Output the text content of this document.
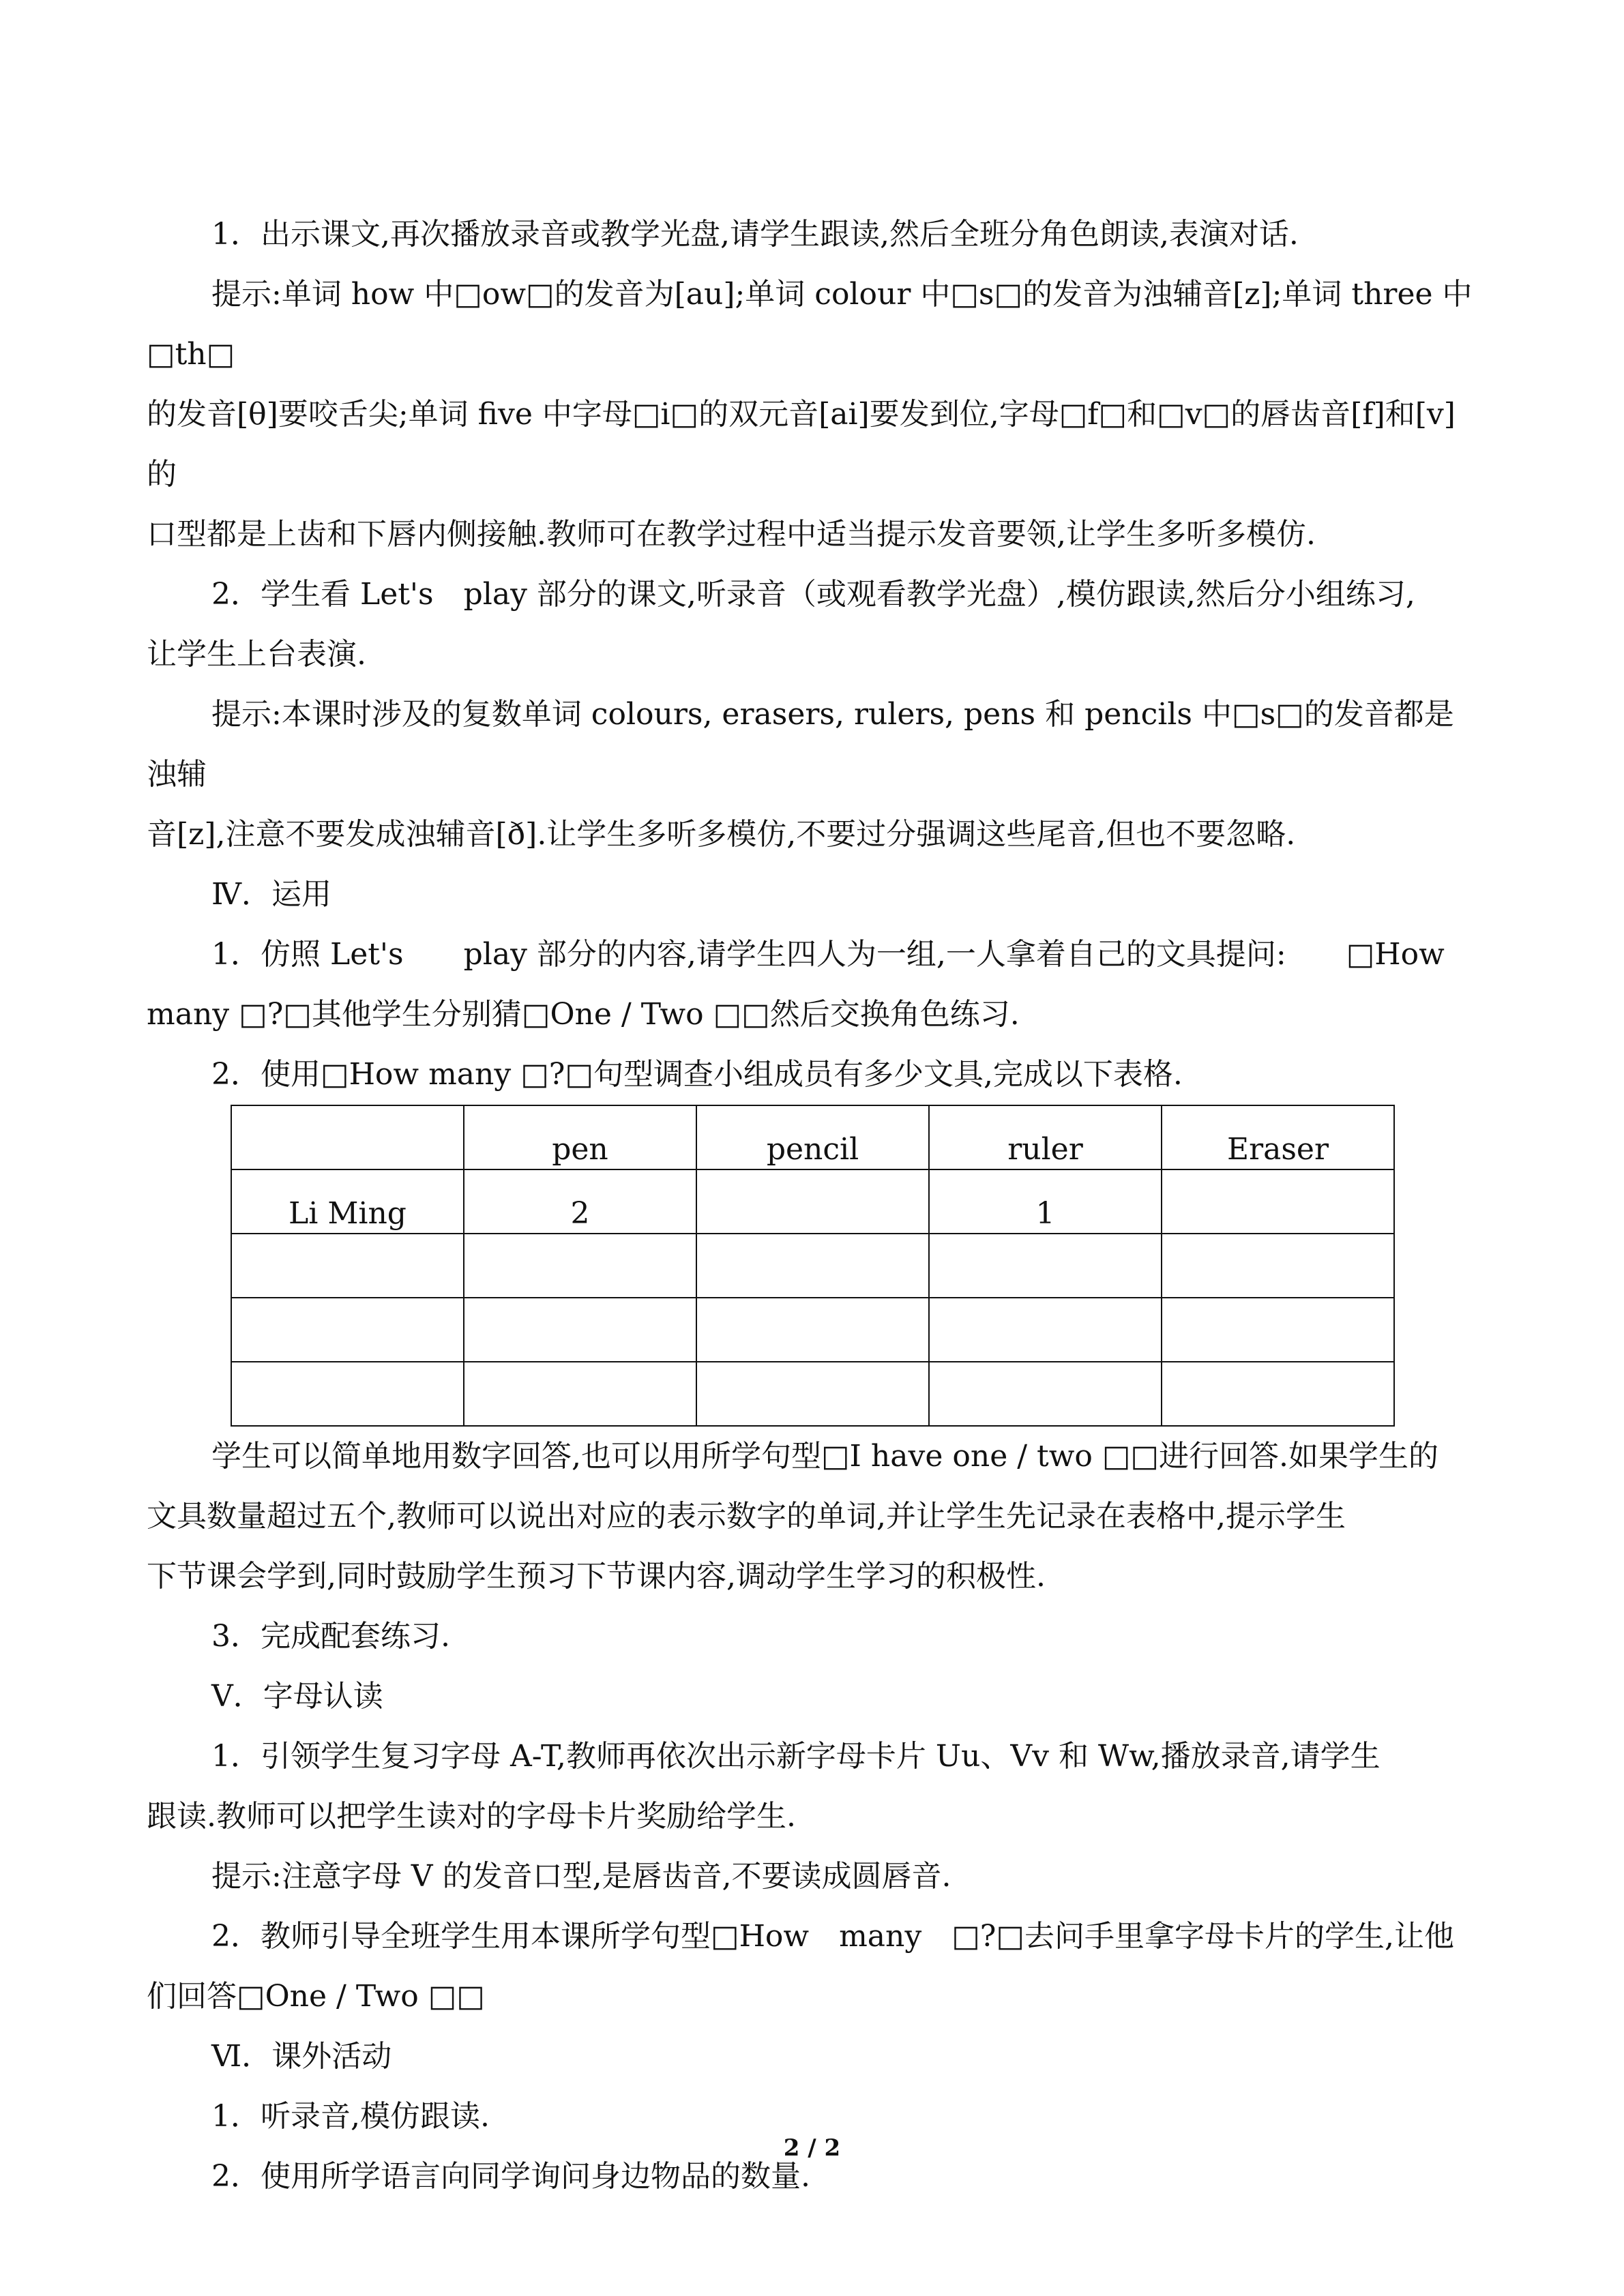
1．出示课文,再次播放录音或教学光盘,请学生跟读,然后全班分角色朗读,表演对话.

提示:单词 how 中□ow□的发音为[au];单词 colour 中□s□的发音为浊辅音[z];单词 three 中□th□
的发音[θ]要咬舌尖;单词 five 中字母□i□的双元音[ai]要发到位,字母□f□和□v□的唇齿音[f]和[v]的
口型都是上齿和下唇内侧接触.教师可在教学过程中适当提示发音要领,让学生多听多模仿.

2．学生看 Let's　play 部分的课文,听录音（或观看教学光盘）,模仿跟读,然后分小组练习,
让学生上台表演.

提示:本课时涉及的复数单词 colours, erasers, rulers, pens 和 pencils 中□s□的发音都是浊辅
音[z],注意不要发成浊辅音[ð].让学生多听多模仿,不要过分强调这些尾音,但也不要忽略.

Ⅳ．运用

1．仿照 Let's　　play 部分的内容,请学生四人为一组,一人拿着自己的文具提问:　　□How
many □?□其他学生分别猜□One / Two □□然后交换角色练习.

2．使用□How many □?□句型调查小组成员有多少文具,完成以下表格.

	pen	pencil	ruler	Eraser
Li Ming	2		1	

学生可以简单地用数字回答,也可以用所学句型□I have one / two □□进行回答.如果学生的
文具数量超过五个,教师可以说出对应的表示数字的单词,并让学生先记录在表格中,提示学生
下节课会学到,同时鼓励学生预习下节课内容,调动学生学习的积极性.

3．完成配套练习.

Ⅴ．字母认读

1．引领学生复习字母 A-T,教师再依次出示新字母卡片 Uu、Vv 和 Ww,播放录音,请学生
跟读.教师可以把学生读对的字母卡片奖励给学生.

提示:注意字母 V 的发音口型,是唇齿音,不要读成圆唇音.

2．教师引导全班学生用本课所学句型□How　many　□?□去问手里拿字母卡片的学生,让他
们回答□One / Two □□

Ⅵ．课外活动

1．听录音,模仿跟读.

2．使用所学语言向同学询问身边物品的数量.

2 / 2
